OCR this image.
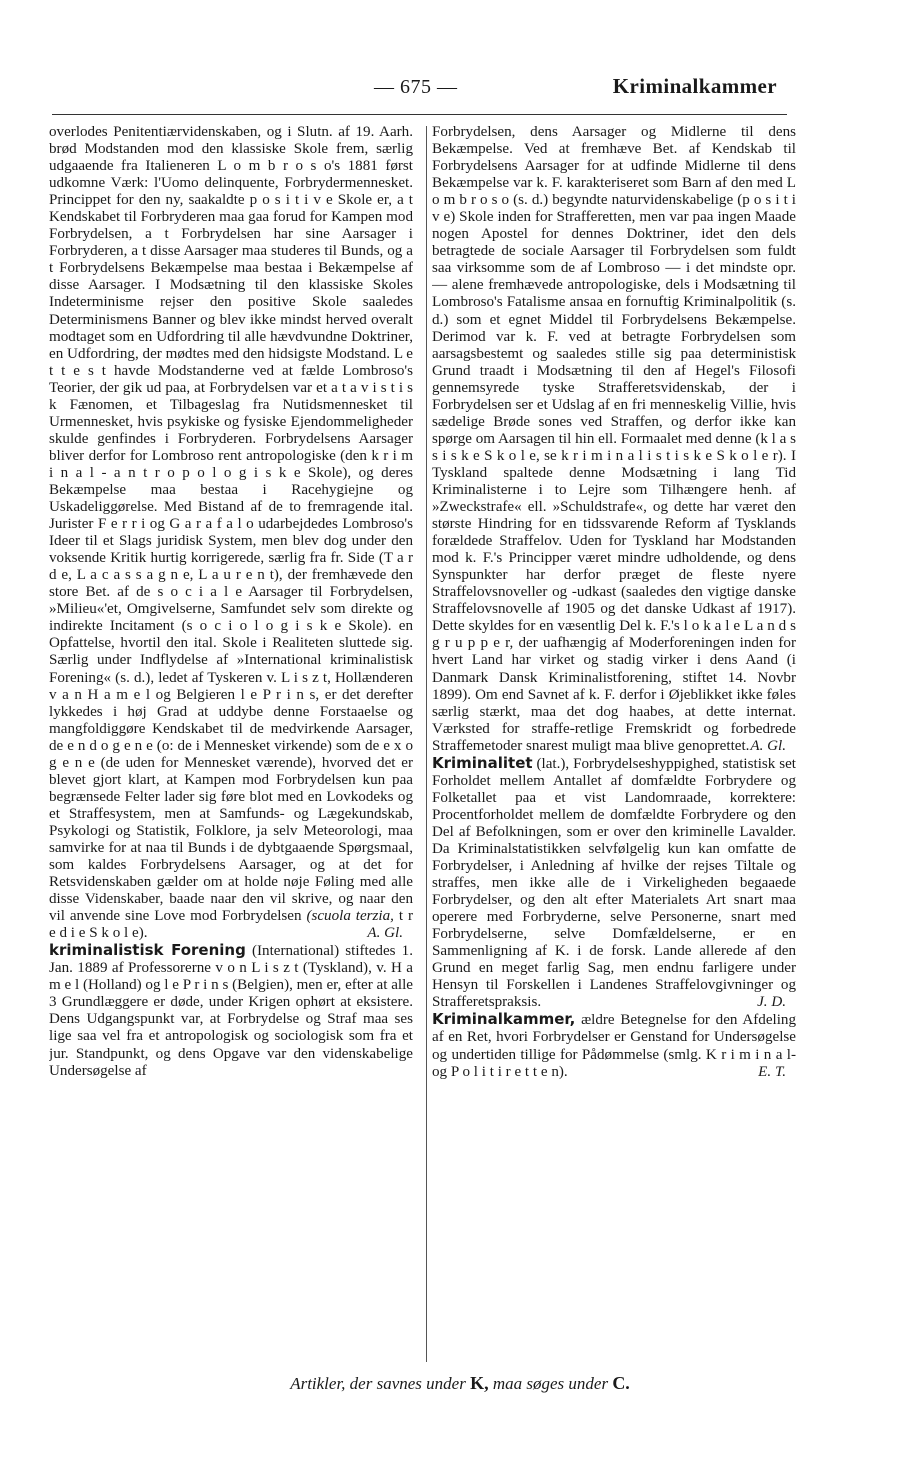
— 675 —	Kriminalkammer

overlodes Penitentiærvidenskaben, og i Slutn. af 19. Aarh. brød Modstanden mod den klassiske Skole frem, særlig udgaaende fra Italieneren L o m b r o s o's 1881 først udkomne Værk: l'Uomo delinquente, Forbrydermennesket. Princippet for den ny, saakaldte p o s i t i v e Skole er, a t Kendskabet til Forbryderen maa gaa forud for Kampen mod Forbrydelsen, a t Forbrydelsen har sine Aarsager i Forbryderen, a t disse Aarsager maa studeres til Bunds, og a t Forbrydelsens Bekæmpelse maa bestaa i Bekæmpelse af disse Aarsager. I Modsætning til den klassiske Skoles Indeterminisme rejser den positive Skole saaledes Determinismens Banner og blev ikke mindst herved overalt modtaget som en Udfordring til alle hævdvundne Doktriner, en Udfordring, der mødtes med den hidsigste Modstand. L e t t e s t havde Modstanderne ved at fælde Lombroso's Teorier, der gik ud paa, at Forbrydelsen var et a t a v i s t i s k Fænomen, et Tilbageslag fra Nutidsmennesket til Urmennesket, hvis psykiske og fysiske Ejendommeligheder skulde genfindes i Forbryderen. Forbrydelsens Aarsager bliver derfor for Lombroso rent antropologiske (den k r i m i n a l - a n t r o p o l o g i s k e Skole), og deres Bekæmpelse maa bestaa i Racehygiejne og Uskadeliggørelse. Med Bistand af de to fremragende ital. Jurister F e r r i og G a r a f a l o udarbejdedes Lombroso's Ideer til et Slags juridisk System, men blev dog under den voksende Kritik hurtig korrigerede, særlig fra fr. Side (T a r d e, L a c a s s a g n e, L a u r e n t), der fremhævede den store Bet. af de s o c i a l e Aarsager til Forbrydelsen, »Milieu«'et, Omgivelserne, Samfundet selv som direkte og indirekte Incitament (s o c i o l o g i s k e Skole). en Opfattelse, hvortil den ital. Skole i Realiteten sluttede sig. Særlig under Indflydelse af »International kriminalistisk Forening« (s. d.), ledet af Tyskeren v. L i s z t, Hollænderen v a n H a m e l og Belgieren l e P r i n s, er det derefter lykkedes i høj Grad at uddybe denne Forstaaelse og mangfoldiggøre Kendskabet til de medvirkende Aarsager, de e n d o g e n e (o: de i Mennesket virkende) som de e x o g e n e (de uden for Mennesket værende), hvorved det er blevet gjort klart, at Kampen mod Forbrydelsen kun paa begrænsede Felter lader sig føre blot med en Lovkodeks og et Straffesystem, men at Samfunds- og Lægekundskab, Psykologi og Statistik, Folklore, ja selv Meteorologi, maa samvirke for at naa til Bunds i de dybtgaaende Spørgsmaal, som kaldes Forbrydelsens Aarsager, og at det for Retsvidenskaben gælder om at holde nøje Føling med alle disse Videnskaber, baade naar den vil skrive, og naar den vil anvende sine Love mod Forbrydelsen (scuola terzia, t r e d i e S k o l e).	A. Gl.

kriminalistisk Forening (International) stiftedes 1. Jan. 1889 af Professorerne v o n L i s z t (Tyskland), v. H a m e l (Holland) og l e P r i n s (Belgien), men er, efter at alle 3 Grundlæggere er døde, under Krigen ophørt at eksistere. Dens Udgangspunkt var, at Forbrydelse og Straf maa ses lige saa vel fra et antropologisk og sociologisk som fra et jur. Standpunkt, og dens Opgave var den videnskabelige Undersøgelse af

Forbrydelsen, dens Aarsager og Midlerne til dens Bekæmpelse. Ved at fremhæve Bet. af Kendskab til Forbrydelsens Aarsager for at udfinde Midlerne til dens Bekæmpelse var k. F. karakteriseret som Barn af den med L o m b r o s o (s. d.) begyndte naturvidenskabelige (p o s i t i v e) Skole inden for Strafferetten, men var paa ingen Maade nogen Apostel for dennes Doktriner, idet den dels betragtede de sociale Aarsager til Forbrydelsen som fuldt saa virksomme som de af Lombroso — i det mindste opr. — alene fremhævede antropologiske, dels i Modsætning til Lombroso's Fatalisme ansaa en fornuftig Kriminalpolitik (s. d.) som et egnet Middel til Forbrydelsens Bekæmpelse. Derimod var k. F. ved at betragte Forbrydelsen som aarsagsbestemt og saaledes stille sig paa deterministisk Grund traadt i Modsætning til den af Hegel's Filosofi gennemsyrede tyske Strafferetsvidenskab, der i Forbrydelsen ser et Udslag af en fri menneskelig Villie, hvis sædelige Brøde sones ved Straffen, og derfor ikke kan spørge om Aarsagen til hin ell. Formaalet med denne (k l a s s i s k e S k o l e, se k r i m i n a l i s t i s k e S k o l e r). I Tyskland spaltede denne Modsætning i lang Tid Kriminalisterne i to Lejre som Tilhængere henh. af »Zweckstrafe« ell. »Schuldstrafe«, og dette har været den største Hindring for en tidssvarende Reform af Tysklands forældede Straffelov. Uden for Tyskland har Modstanden mod k. F.'s Principper været mindre udholdende, og dens Synspunkter har derfor præget de fleste nyere Straffelovsnoveller og -udkast (saaledes den vigtige danske Straffelovsnovelle af 1905 og det danske Udkast af 1917). Dette skyldes for en væsentlig Del k. F.'s l o k a l e L a n d s g r u p p e r, der uafhængig af Moderforeningen inden for hvert Land har virket og stadig virker i dens Aand (i Danmark Dansk Kriminalistforening, stiftet 14. Novbr 1899). Om end Savnet af k. F. derfor i Øjeblikket ikke føles særlig stærkt, maa det dog haabes, at dette internat. Værksted for straffe-retlige Fremskridt og forbedrede Straffemetoder snarest muligt maa blive genoprettet. A. Gl.

Kriminalitet (lat.), Forbrydelseshyppighed, statistisk set Forholdet mellem Antallet af domfældte Forbrydere og Folketallet paa et vist Landomraade, korrektere: Procentforholdet mellem de domfældte Forbrydere og den Del af Befolkningen, som er over den kriminelle Lavalder. Da Kriminalstatistikken selvfølgelig kun kan omfatte de Forbrydelser, i Anledning af hvilke der rejses Tiltale og straffes, men ikke alle de i Virkeligheden begaaede Forbrydelser, og den alt efter Materialets Art snart maa operere med Forbryderne, selve Personerne, snart med Forbrydelserne, selve Domfældelserne, er en Sammenligning af K. i de forsk. Lande allerede af den Grund en meget farlig Sag, men endnu farligere under Hensyn til Forskellen i Landenes Straffelovgivninger og Strafferetspraksis.	J. D.

Kriminalkammer, ældre Betegnelse for den Afdeling af en Ret, hvori Forbrydelser er Genstand for Undersøgelse og undertiden tillige for Pådømmelse (smlg. K r i m i n a l- og P o l i t i r e t t e n).	E. T.

Artikler, der savnes under K, maa søges under C.
